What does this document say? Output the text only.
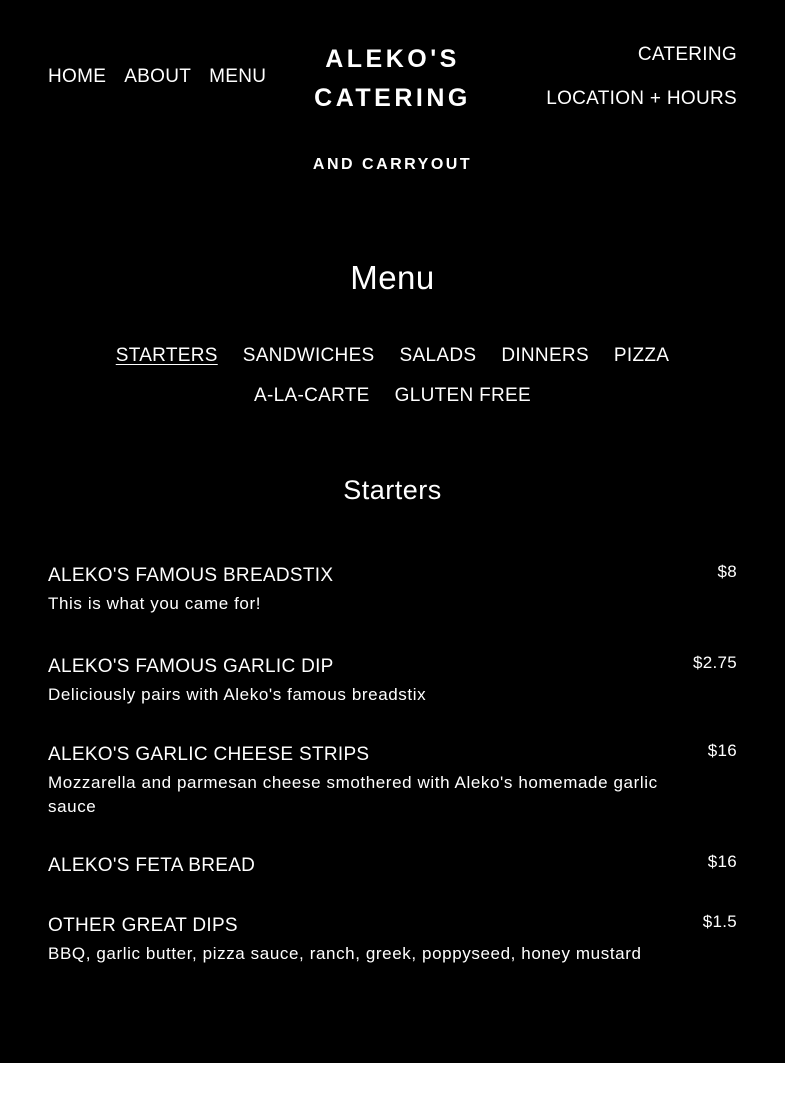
HOME ABOUT MENU
ALEKO'S CATERING
AND CARRYOUT
CATERING
LOCATION + HOURS
Menu
STARTERS SANDWICHES SALADS DINNERS PIZZA
A-LA-CARTE GLUTEN FREE
Starters
ALEKO'S FAMOUS BREADSTIX	$8
This is what you came for!
ALEKO'S FAMOUS GARLIC DIP	$2.75
Deliciously pairs with Aleko's famous breadstix
ALEKO'S GARLIC CHEESE STRIPS	$16
Mozzarella and parmesan cheese smothered with Aleko's homemade garlic sauce
ALEKO'S FETA BREAD	$16
OTHER GREAT DIPS	$1.5
BBQ, garlic butter, pizza sauce, ranch, greek, poppyseed, honey mustard
